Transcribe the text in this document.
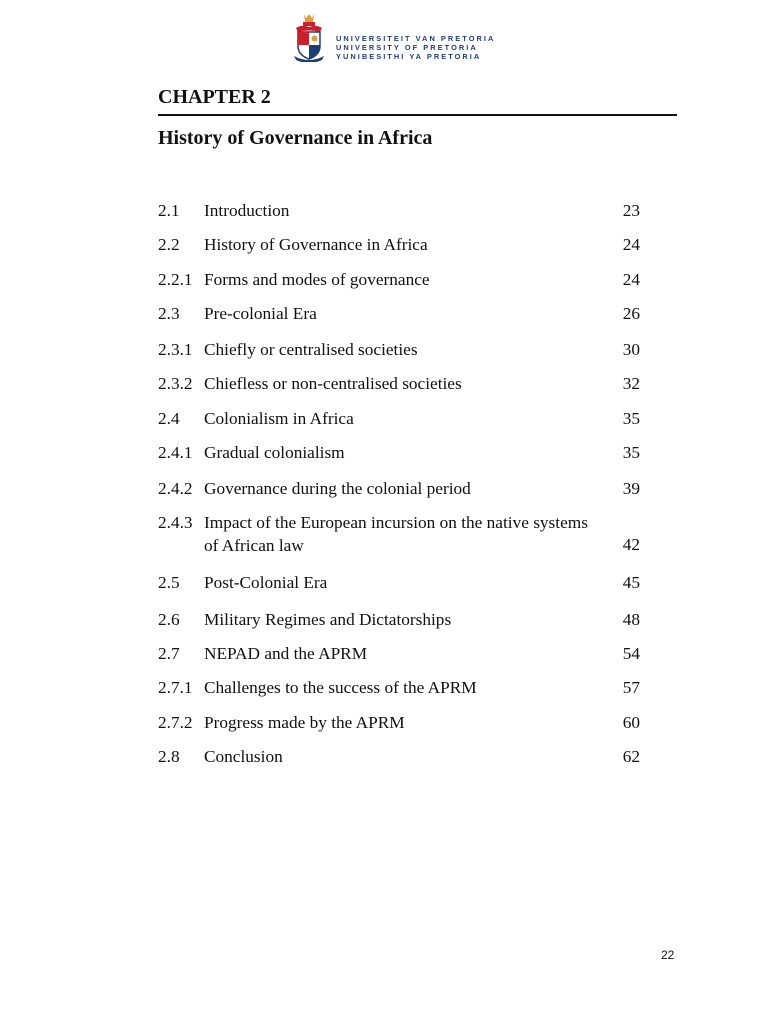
UNIVERSITEIT VAN PRETORIA
UNIVERSITY OF PRETORIA
YUNIBESITHI YA PRETORIA
CHAPTER 2
History of Governance in Africa
2.1 Introduction	23
2.2 History of Governance in Africa	24
2.2.1 Forms and modes of governance	24
2.3 Pre-colonial Era	26
2.3.1 Chiefly or centralised societies	30
2.3.2 Chiefless or non-centralised societies	32
2.4 Colonialism in Africa	35
2.4.1 Gradual colonialism	35
2.4.2 Governance during the colonial period	39
2.4.3 Impact of the European incursion on the native systems
of African law	42
2.5 Post-Colonial Era	45
2.6 Military Regimes and Dictatorships	48
2.7 NEPAD and the APRM	54
2.7.1 Challenges to the success of the APRM	57
2.7.2 Progress made by the APRM	60
2.8 Conclusion	62
22
